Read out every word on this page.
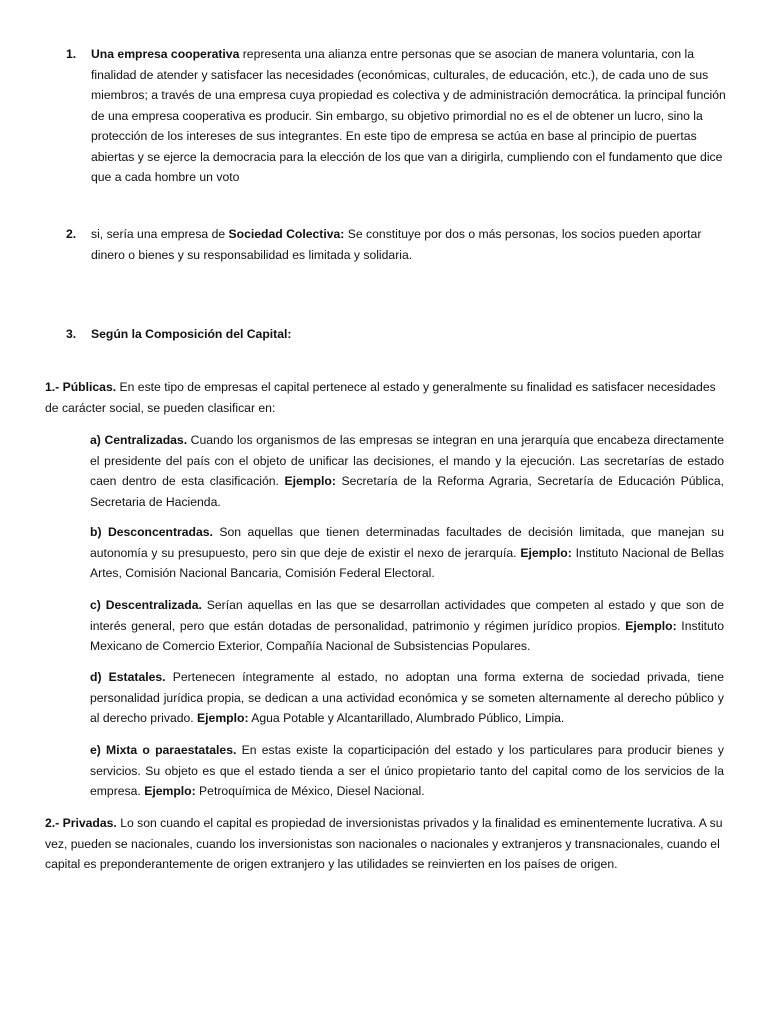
1. Una empresa cooperativa representa una alianza entre personas que se asocian de manera voluntaria, con la finalidad de atender y satisfacer las necesidades (económicas, culturales, de educación, etc.), de cada uno de sus miembros; a través de una empresa cuya propiedad es colectiva y de administración democrática. la principal función de una empresa cooperativa es producir. Sin embargo, su objetivo primordial no es el de obtener un lucro, sino la protección de los intereses de sus integrantes. En este tipo de empresa se actúa en base al principio de puertas abiertas y se ejerce la democracia para la elección de los que van a dirigirla, cumpliendo con el fundamento que dice que a cada hombre un voto
2. si, sería una empresa de Sociedad Colectiva: Se constituye por dos o más personas, los socios pueden aportar dinero o bienes y su responsabilidad es limitada y solidaria.
3. Según la Composición del Capital:
1.- Públicas. En este tipo de empresas el capital pertenece al estado y generalmente su finalidad es satisfacer necesidades de carácter social, se pueden clasificar en:
a) Centralizadas. Cuando los organismos de las empresas se integran en una jerarquía que encabeza directamente el presidente del país con el objeto de unificar las decisiones, el mando y la ejecución. Las secretarías de estado caen dentro de esta clasificación. Ejemplo: Secretaría de la Reforma Agraria, Secretaría de Educación Pública, Secretaria de Hacienda.
b) Desconcentradas. Son aquellas que tienen determinadas facultades de decisión limitada, que manejan su autonomía y su presupuesto, pero sin que deje de existir el nexo de jerarquía. Ejemplo: Instituto Nacional de Bellas Artes, Comisión Nacional Bancaria, Comisión Federal Electoral.
c) Descentralizada. Serían aquellas en las que se desarrollan actividades que competen al estado y que son de interés general, pero que están dotadas de personalidad, patrimonio y régimen jurídico propios. Ejemplo: Instituto Mexicano de Comercio Exterior, Compañía Nacional de Subsistencias Populares.
d) Estatales. Pertenecen íntegramente al estado, no adoptan una forma externa de sociedad privada, tiene personalidad jurídica propia, se dedican a una actividad económica y se someten alternamente al derecho público y al derecho privado. Ejemplo: Agua Potable y Alcantarillado, Alumbrado Público, Limpia.
e) Mixta o paraestatales. En estas existe la coparticipación del estado y los particulares para producir bienes y servicios. Su objeto es que el estado tienda a ser el único propietario tanto del capital como de los servicios de la empresa. Ejemplo: Petroquímica de México, Diesel Nacional.
2.- Privadas. Lo son cuando el capital es propiedad de inversionistas privados y la finalidad es eminentemente lucrativa. A su vez, pueden se nacionales, cuando los inversionistas son nacionales o nacionales y extranjeros y transnacionales, cuando el capital es preponderantemente de origen extranjero y las utilidades se reinvierten en los países de origen.
